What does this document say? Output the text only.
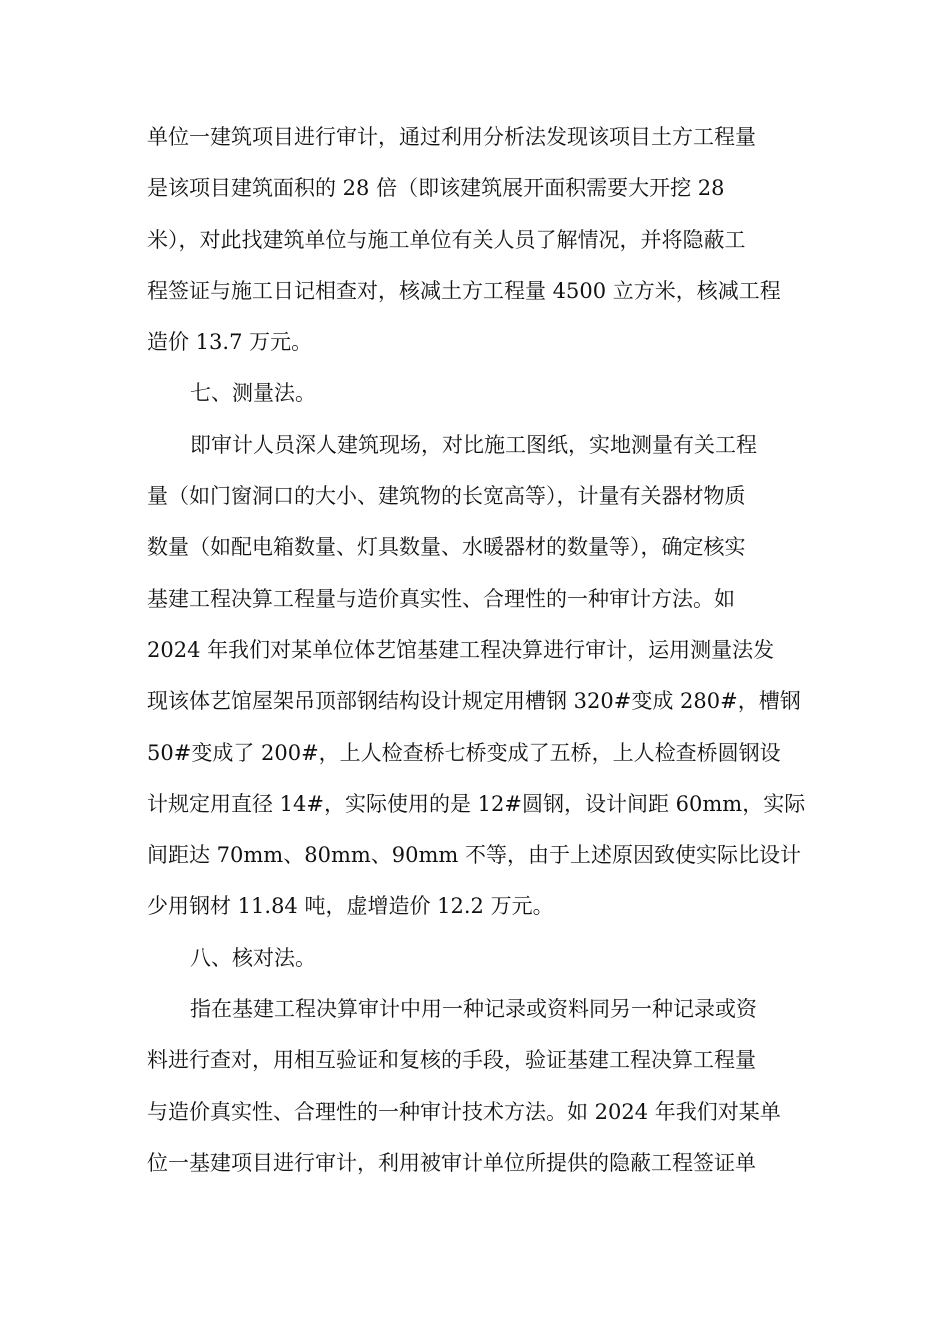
单位一建筑项目进行审计，通过利用分析法发现该项目土方工程量
是该项目建筑面积的 28 倍（即该建筑展开面积需要大开挖 28
米），对此找建筑单位与施工单位有关人员了解情况，并将隐蔽工
程签证与施工日记相查对，核减土方工程量 4500 立方米，核减工程
造价 13.7 万元。
七、测量法。
即审计人员深人建筑现场，对比施工图纸，实地测量有关工程
量（如门窗洞口的大小、建筑物的长宽高等），计量有关器材物质
数量（如配电箱数量、灯具数量、水暖器材的数量等），确定核实
基建工程决算工程量与造价真实性、合理性的一种审计方法。如
2024 年我们对某单位体艺馆基建工程决算进行审计，运用测量法发
现该体艺馆屋架吊顶部钢结构设计规定用槽钢 320#变成 280#，槽钢
50#变成了 200#，上人检查桥七桥变成了五桥，上人检查桥圆钢设
计规定用直径 14#，实际使用的是 12#圆钢，设计间距 60mm，实际
间距达 70mm、80mm、90mm 不等，由于上述原因致使实际比设计
少用钢材 11.84 吨，虚增造价 12.2 万元。
八、核对法。
指在基建工程决算审计中用一种记录或资料同另一种记录或资
料进行查对，用相互验证和复核的手段，验证基建工程决算工程量
与造价真实性、合理性的一种审计技术方法。如 2024 年我们对某单
位一基建项目进行审计，利用被审计单位所提供的隐蔽工程签证单
